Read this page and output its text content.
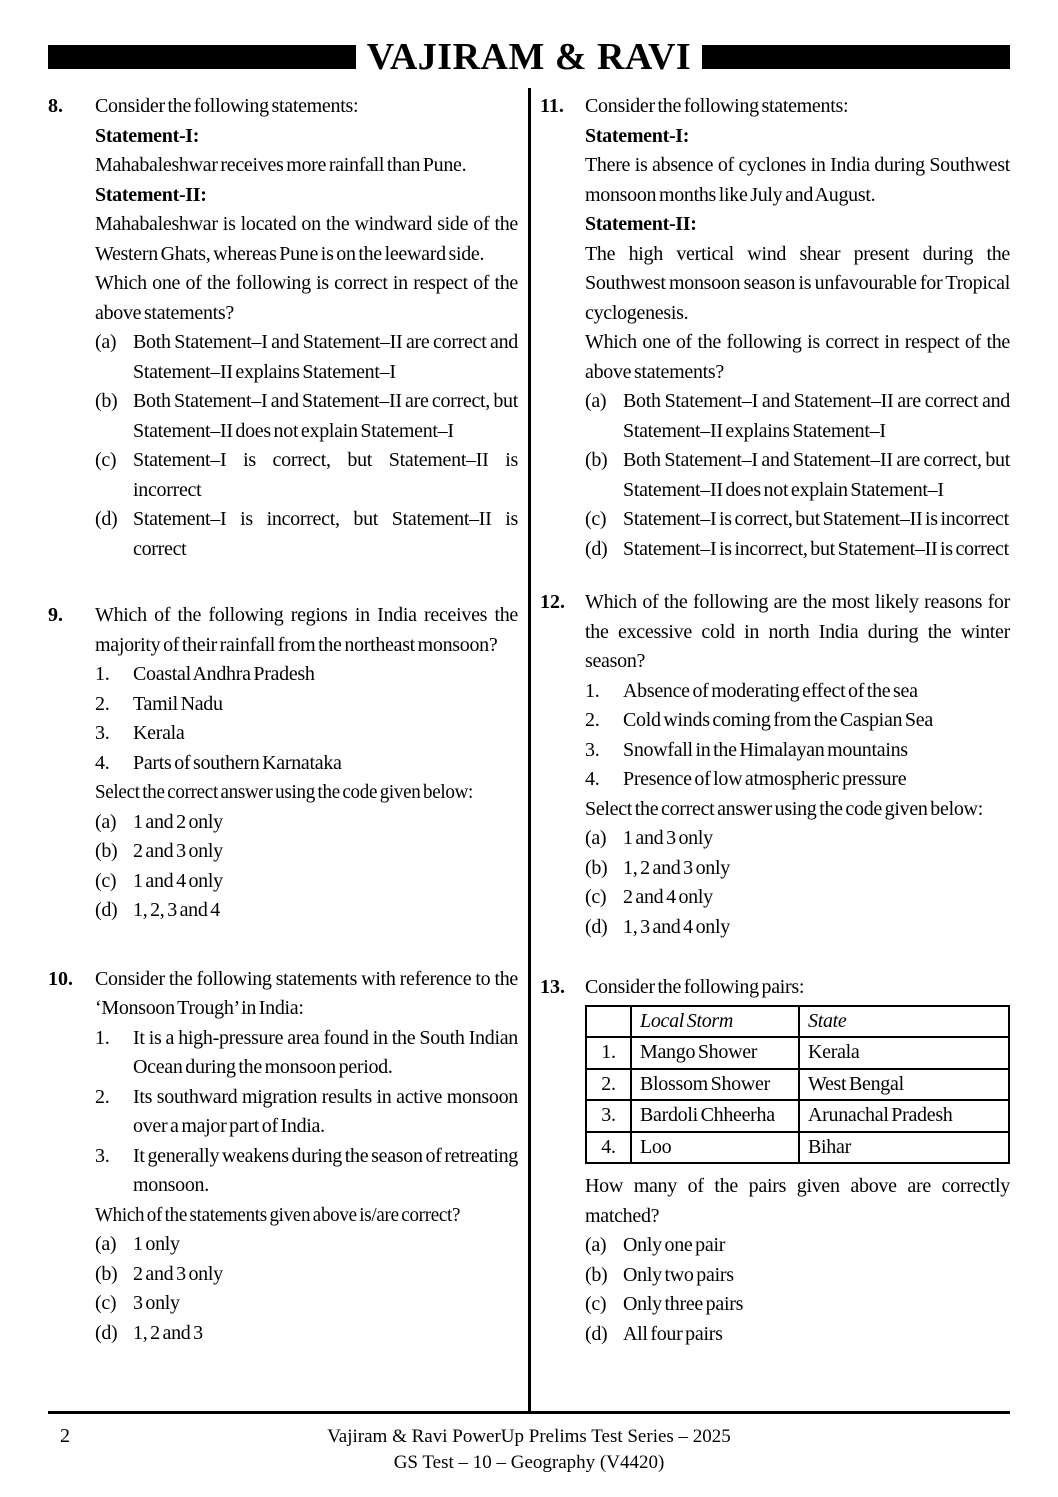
VAJIRAM & RAVI
8.	Consider the following statements:

Statement-I:

Mahabaleshwar receives more rainfall than Pune.

Statement-II:

Mahabaleshwar is located on the windward side of the Western Ghats, whereas Pune is on the leeward side.

Which one of the following is correct in respect of the above statements?

(a) Both Statement–I and Statement–II are correct and Statement–II explains Statement–I
(b) Both Statement–I and Statement–II are correct, but Statement–II does not explain Statement–I
(c) Statement–I is correct, but Statement–II is incorrect
(d) Statement–I is incorrect, but Statement–II is correct
9.	Which of the following regions in India receives the majority of their rainfall from the northeast monsoon?

1.	Coastal Andhra Pradesh
2.	Tamil Nadu
3.	Kerala
4.	Parts of southern Karnataka

Select the correct answer using the code given below:

(a) 1 and 2 only
(b) 2 and 3 only
(c) 1 and 4 only
(d) 1, 2, 3 and 4
10.	Consider the following statements with reference to the ‘Monsoon Trough’ in India:

1.	It is a high-pressure area found in the South Indian Ocean during the monsoon period.
2.	Its southward migration results in active monsoon over a major part of India.
3.	It generally weakens during the season of retreating monsoon.

Which of the statements given above is/are correct?

(a) 1 only
(b) 2 and 3 only
(c) 3 only
(d) 1, 2 and 3
11.	Consider the following statements:

Statement-I:

There is absence of cyclones in India during Southwest monsoon months like July and August.

Statement-II:

The high vertical wind shear present during the Southwest monsoon season is unfavourable for Tropical cyclogenesis.

Which one of the following is correct in respect of the above statements?

(a) Both Statement–I and Statement–II are correct and Statement–II explains Statement–I
(b) Both Statement–I and Statement–II are correct, but Statement–II does not explain Statement–I
(c) Statement–I is correct, but Statement–II is incorrect
(d) Statement–I is incorrect, but Statement–II is correct
12.	Which of the following are the most likely reasons for the excessive cold in north India during the winter season?

1.	Absence of moderating effect of the sea
2.	Cold winds coming from the Caspian Sea
3.	Snowfall in the Himalayan mountains
4.	Presence of low atmospheric pressure

Select the correct answer using the code given below:

(a) 1 and 3 only
(b) 1, 2 and 3 only
(c) 2 and 4 only
(d) 1, 3 and 4 only
13.	Consider the following pairs:

	Local Storm	State
1.	Mango Shower	Kerala
2.	Blossom Shower	West Bengal
3.	Bardoli Chheerha	Arunachal Pradesh
4.	Loo	Bihar

How many of the pairs given above are correctly matched?

(a) Only one pair
(b) Only two pairs
(c) Only three pairs
(d) All four pairs
2	Vajiram & Ravi PowerUp Prelims Test Series – 2025
GS Test – 10 – Geography (V4420)
